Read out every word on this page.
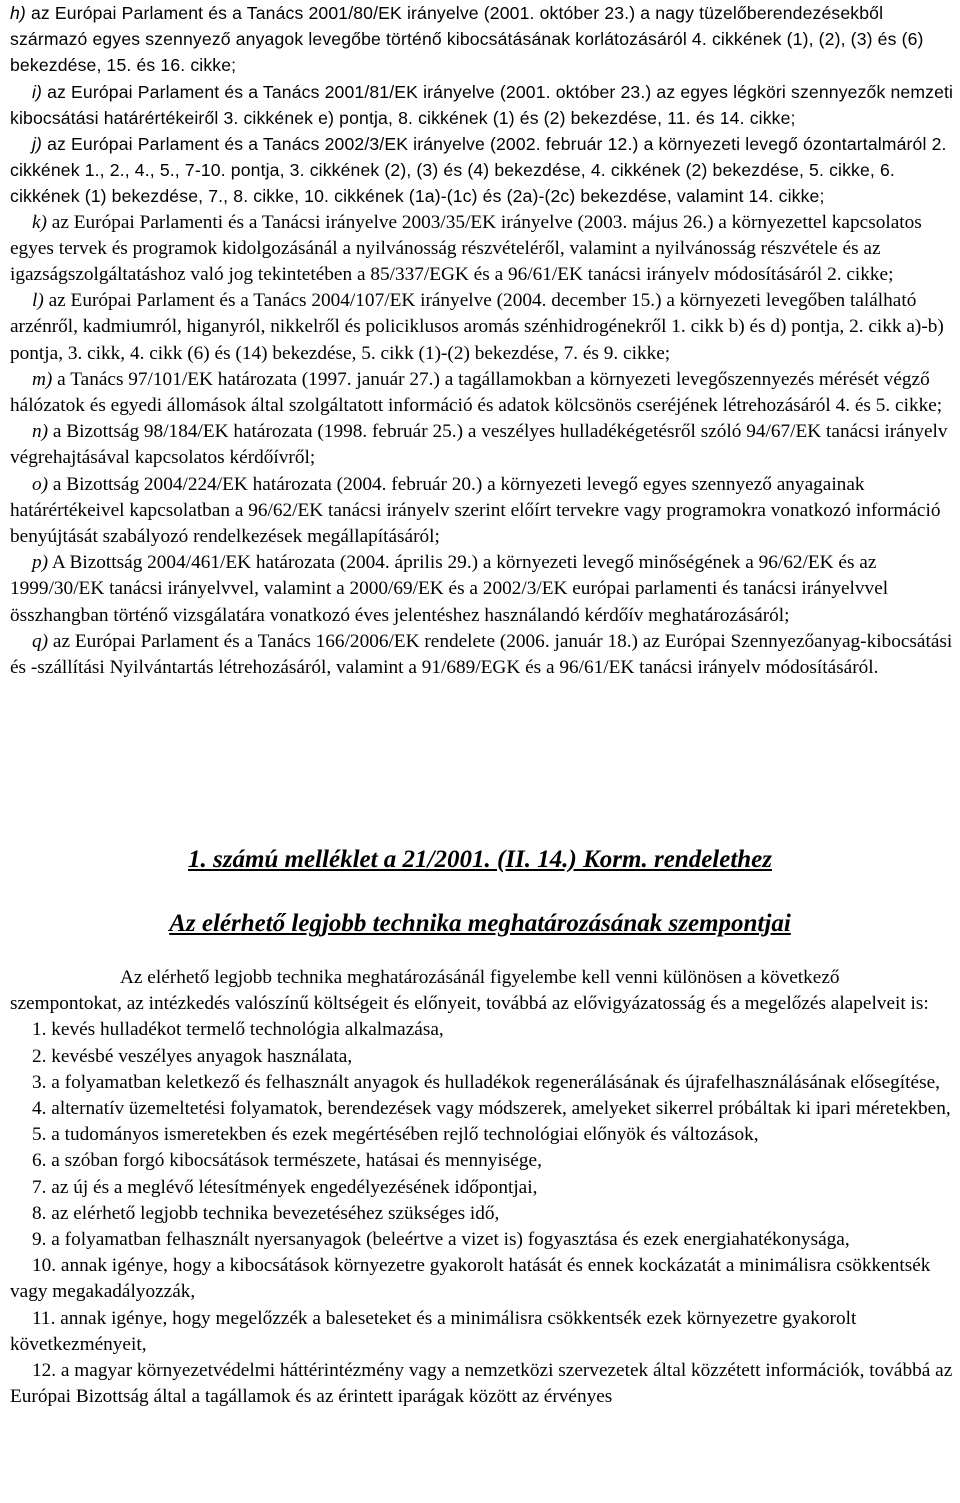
h) az Európai Parlament és a Tanács 2001/80/EK irányelve (2001. október 23.) a nagy tüzelőberendezésekből származó egyes szennyező anyagok levegőbe történő kibocsátásának korlátozásáról 4. cikkének (1), (2), (3) és (6) bekezdése, 15. és 16. cikke;

i) az Európai Parlament és a Tanács 2001/81/EK irányelve (2001. október 23.) az egyes légköri szennyezők nemzeti kibocsátási határértékeiről 3. cikkének e) pontja, 8. cikkének (1) és (2) bekezdése, 11. és 14. cikke;

j) az Európai Parlament és a Tanács 2002/3/EK irányelve (2002. február 12.) a környezeti levegő ózontartalmáról 2. cikkének 1., 2., 4., 5., 7-10. pontja, 3. cikkének (2), (3) és (4) bekezdése, 4. cikkének (2) bekezdése, 5. cikke, 6. cikkének (1) bekezdése, 7., 8. cikke, 10. cikkének (1a)-(1c) és (2a)-(2c) bekezdése, valamint 14. cikke;

k) az Európai Parlamenti és a Tanácsi irányelve 2003/35/EK irányelve (2003. május 26.) a környezettel kapcsolatos egyes tervek és programok kidolgozásánál a nyilvánosság részvételéről, valamint a nyilvánosság részvétele és az igazságszolgáltatáshoz való jog tekintetében a 85/337/EGK és a 96/61/EK tanácsi irányelv módosításáról 2. cikke;

l) az Európai Parlament és a Tanács 2004/107/EK irányelve (2004. december 15.) a környezeti levegőben található arzénről, kadmiumról, higanyról, nikkelről és policiklusos aromás szénhidrogénekről 1. cikk b) és d) pontja, 2. cikk a)-b) pontja, 3. cikk, 4. cikk (6) és (14) bekezdése, 5. cikk (1)-(2) bekezdése, 7. és 9. cikke;

m) a Tanács 97/101/EK határozata (1997. január 27.) a tagállamokban a környezeti levegőszennyezés mérését végző hálózatok és egyedi állomások által szolgáltatott információ és adatok kölcsönös cseréjének létrehozásáról 4. és 5. cikke;

n) a Bizottság 98/184/EK határozata (1998. február 25.) a veszélyes hulladékégetésről szóló 94/67/EK tanácsi irányelv végrehajtásával kapcsolatos kérdőívről;

o) a Bizottság 2004/224/EK határozata (2004. február 20.) a környezeti levegő egyes szennyező anyagainak határértékeivel kapcsolatban a 96/62/EK tanácsi irányelv szerint előírt tervekre vagy programokra vonatkozó információ benyújtását szabályozó rendelkezések megállapításáról;

p) A Bizottság 2004/461/EK határozata (2004. április 29.) a környezeti levegő minőségének a 96/62/EK és az 1999/30/EK tanácsi irányelvvel, valamint a 2000/69/EK és a 2002/3/EK európai parlamenti és tanácsi irányelvvel összhangban történő vizsgálatára vonatkozó éves jelentéshez használandó kérdőív meghatározásáról;

q) az Európai Parlament és a Tanács 166/2006/EK rendelete (2006. január 18.) az Európai Szennyezőanyag-kibocsátási és -szállítási Nyilvántartás létrehozásáról, valamint a 91/689/EGK és a 96/61/EK tanácsi irányelv módosításáról.

1. számú melléklet a 21/2001. (II. 14.) Korm. rendelethez
Az elérhető legjobb technika meghatározásának szempontjai

Az elérhető legjobb technika meghatározásánál figyelembe kell venni különösen a következő szempontokat, az intézkedés valószínű költségeit és előnyeit, továbbá az elővigyázatosság és a megelőzés alapelveit is:

1. kevés hulladékot termelő technológia alkalmazása,

2. kevésbé veszélyes anyagok használata,

3. a folyamatban keletkező és felhasznált anyagok és hulladékok regenerálásának és újrafelhasználásának elősegítése,

4. alternatív üzemeltetési folyamatok, berendezések vagy módszerek, amelyeket sikerrel próbáltak ki ipari méretekben,

5. a tudományos ismeretekben és ezek megértésében rejlő technológiai előnyök és változások,

6. a szóban forgó kibocsátások természete, hatásai és mennyisége,

7. az új és a meglévő létesítmények engedélyezésének időpontjai,

8. az elérhető legjobb technika bevezetéséhez szükséges idő,

9. a folyamatban felhasznált nyersanyagok (beleértve a vizet is) fogyasztása és ezek energiahatékonysága,

10. annak igénye, hogy a kibocsátások környezetre gyakorolt hatását és ennek kockázatát a minimálisra csökkentsék vagy megakadályozzák,

11. annak igénye, hogy megelőzzék a baleseteket és a minimálisra csökkentsék ezek környezetre gyakorolt következményeit,

12. a magyar környezetvédelmi háttérintézmény vagy a nemzetközi szervezetek által közzétett információk, továbbá az Európai Bizottság által a tagállamok és az érintett iparágak között az érvényes
